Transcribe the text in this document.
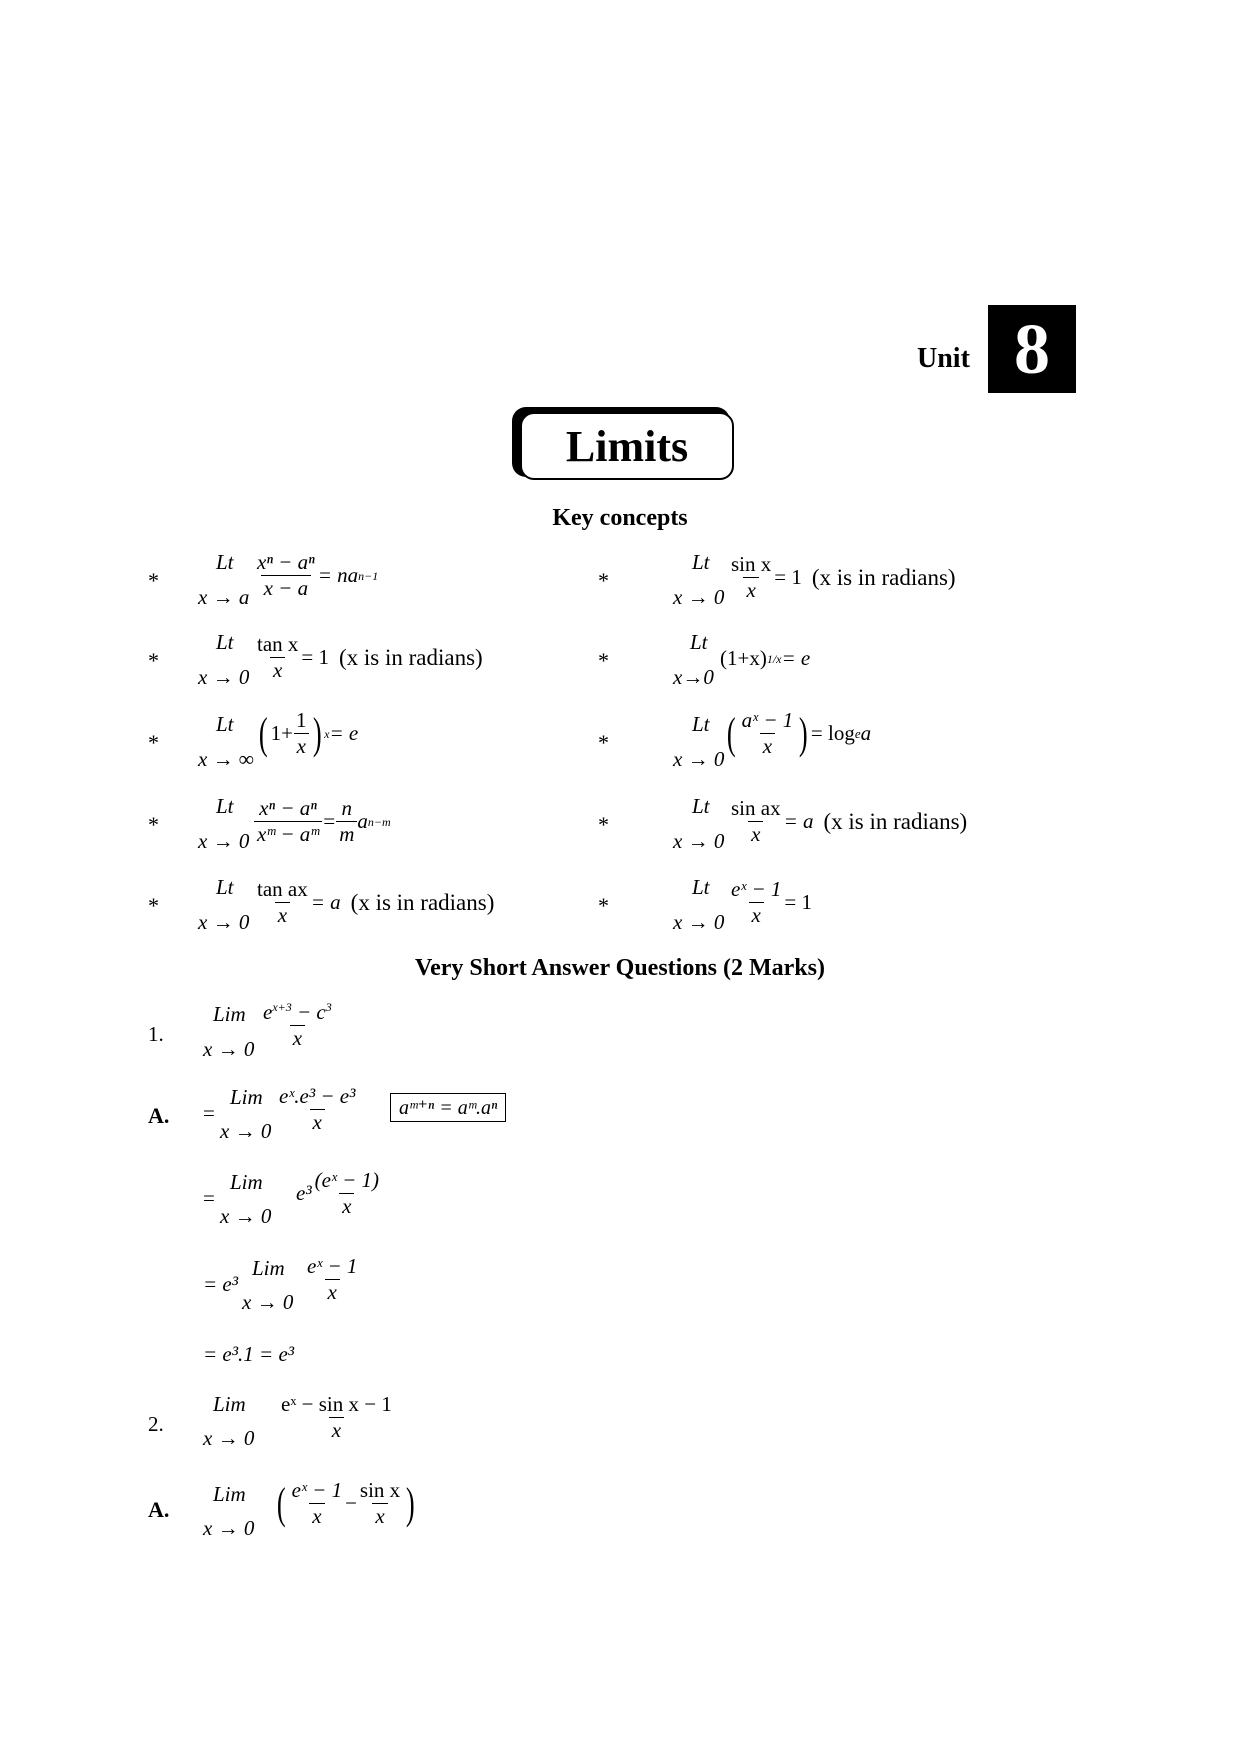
Unit 8
Limits
Key concepts
*
Lt
x → a $\frac{\text{xⁿ − aⁿ}}{x - a}$ = na n−1
*
Lt
$x \to 0 \frac{\text{tan x}}{x} = 1$ (x is in radians)
*
Lt
x → ∞
( $1+ \frac{1}{x}$ ) x = e
*
Lt
$x \to 0 \frac{\text{xⁿ − aⁿ}}{\text{xᵐ − aᵐ}} = \frac{n}{m}$ a n−m
*
Lt
$x \to 0 \frac{\text{tan ax}}{x} = a$ (x is in radians)
*
Lt
$x \to 0 \frac{\text{sin x}}{x} = 1$ (x is in radians)
*
Lt
x→0
(1+x) 1/x = e
*
Lt
x → 0
( $\frac{\text{aˣ − 1}}{x}$ ) = log e a
*
Lt
$x \to 0 \frac{\text{sin ax}}{x} = a$ (x is in radians)
*
Lt
$x \to 0 \frac{\text{eˣ − 1}}{x} = 1$
Very Short Answer Questions (2 Marks)
1.
Lim
$x \to 0 \frac{e^{x+3} - c^3}{x}$
A. =
Lim
$x \to 0 \frac{\text{eˣ.e³ − e³}}{x}$	aᵐ⁺ⁿ = aᵐ.aⁿ
=
Lim
x → 0
$e^3 \frac{\text{(eˣ − 1)}}{x}$
= e³
Lim
$x \to 0 \frac{\text{eˣ − 1}}{x}$
= e³.1 = e³
2.
Lim
$x \to 0 \frac{\text{eˣ − sin x − 1}}{x}$
A.
Lim
x → 0
( $\frac{\text{eˣ − 1}}{x} - \frac{\text{sin x}}{x}$ )
